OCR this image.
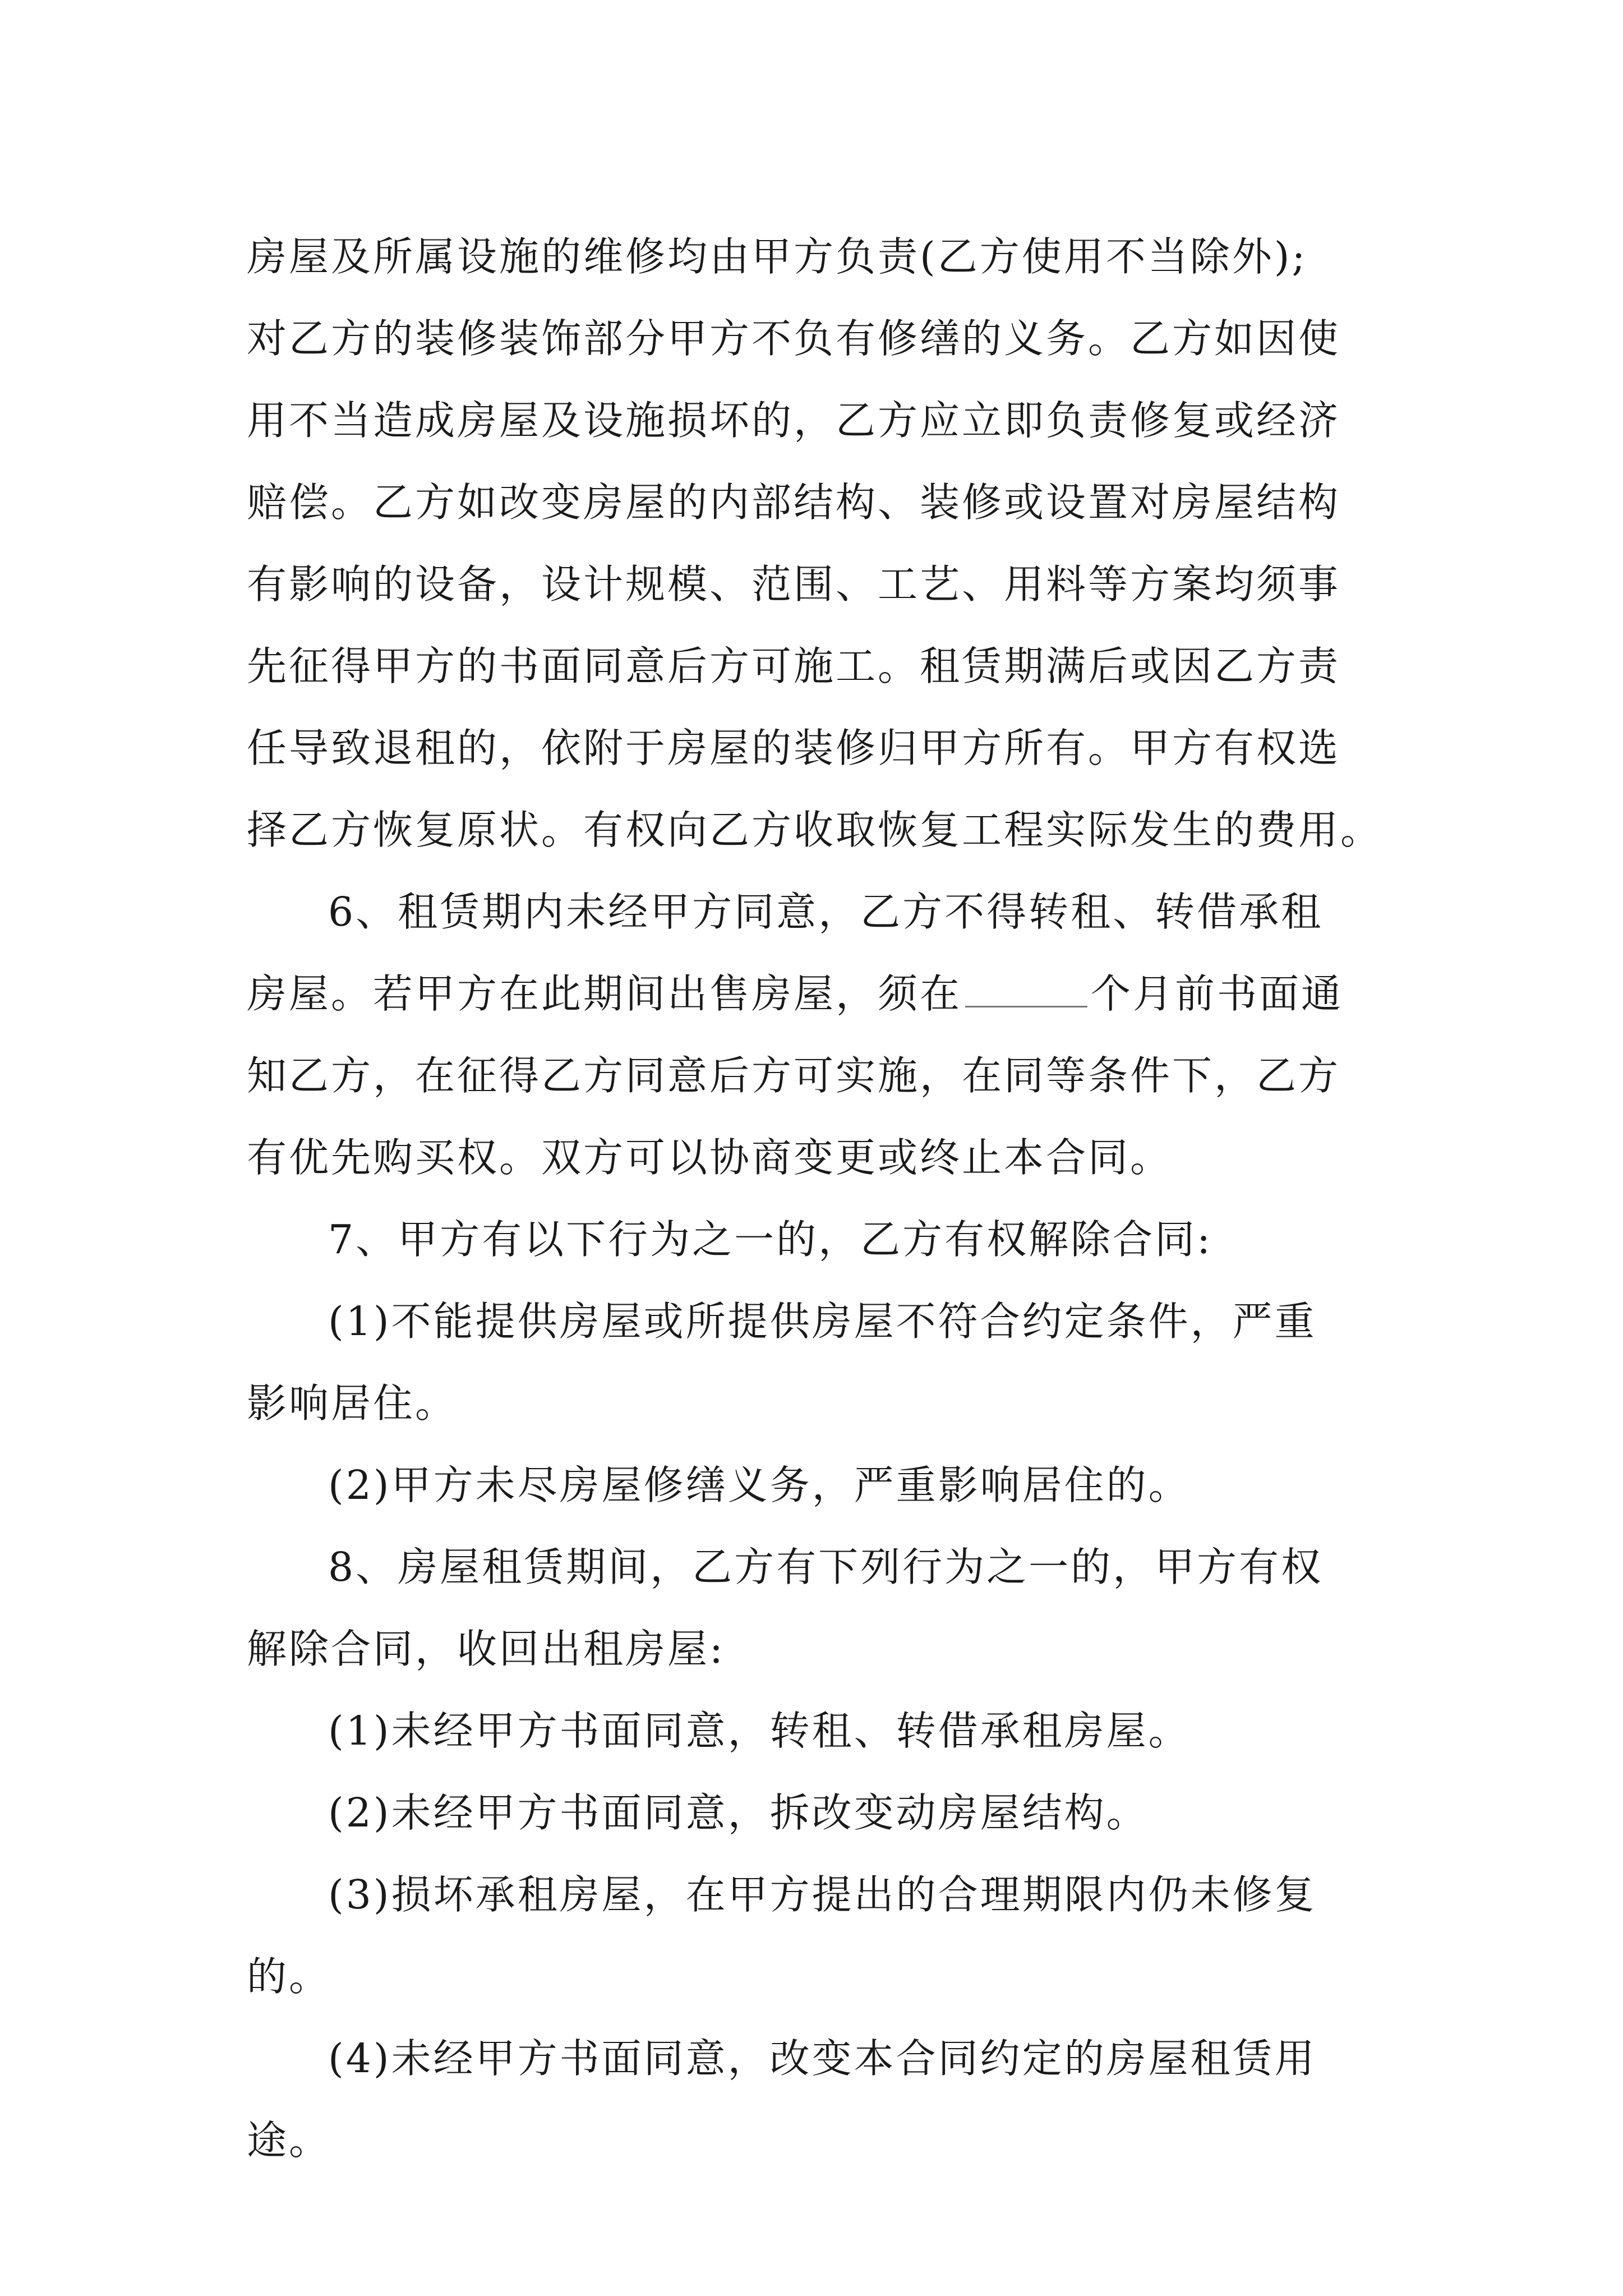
房屋及所属设施的维修均由甲方负责(乙方使用不当除外);
对乙方的装修装饰部分甲方不负有修缮的义务。乙方如因使
用不当造成房屋及设施损坏的，乙方应立即负责修复或经济
赔偿。乙方如改变房屋的内部结构、装修或设置对房屋结构
有影响的设备，设计规模、范围、工艺、用料等方案均须事
先征得甲方的书面同意后方可施工。租赁期满后或因乙方责
任导致退租的，依附于房屋的装修归甲方所有。甲方有权选
择乙方恢复原状。有权向乙方收取恢复工程实际发生的费用。
6、租赁期内未经甲方同意，乙方不得转租、转借承租
房屋。若甲方在此期间出售房屋，须在	个月前书面通
知乙方，在征得乙方同意后方可实施，在同等条件下，乙方
有优先购买权。双方可以协商变更或终止本合同。
7、甲方有以下行为之一的，乙方有权解除合同:
(1)不能提供房屋或所提供房屋不符合约定条件，严重
影响居住。
(2)甲方未尽房屋修缮义务，严重影响居住的。
8、房屋租赁期间，乙方有下列行为之一的，甲方有权
解除合同，收回出租房屋:
(1)未经甲方书面同意，转租、转借承租房屋。
(2)未经甲方书面同意，拆改变动房屋结构。
(3)损坏承租房屋，在甲方提出的合理期限内仍未修复
的。
(4)未经甲方书面同意，改变本合同约定的房屋租赁用
途。
